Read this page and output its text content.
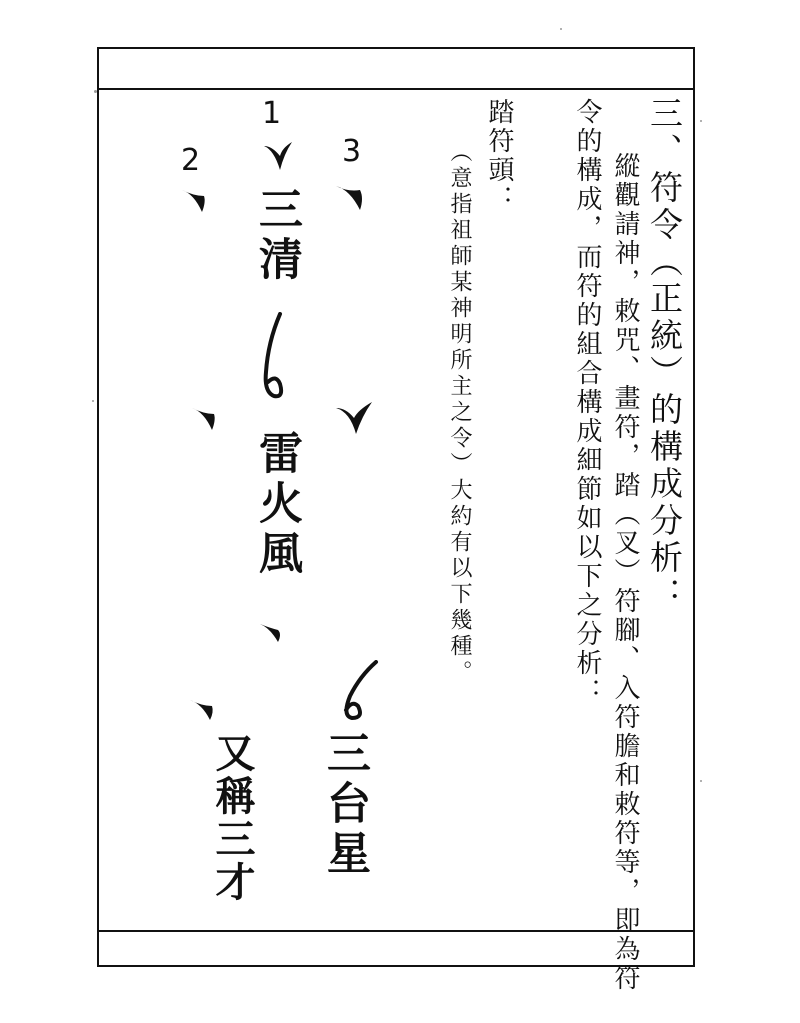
三、符令（正統）的構成分析：
縱觀請神，敕咒、畫符，踏（叉）符腳、入符膽和敕符等，即為符
令的構成，而符的組合構成細節如以下之分析：
踏符頭：
（意指祖師某神明所主之令）大約有以下幾種。
1
2	3
三清
雷火風
三台星
又稱三才
